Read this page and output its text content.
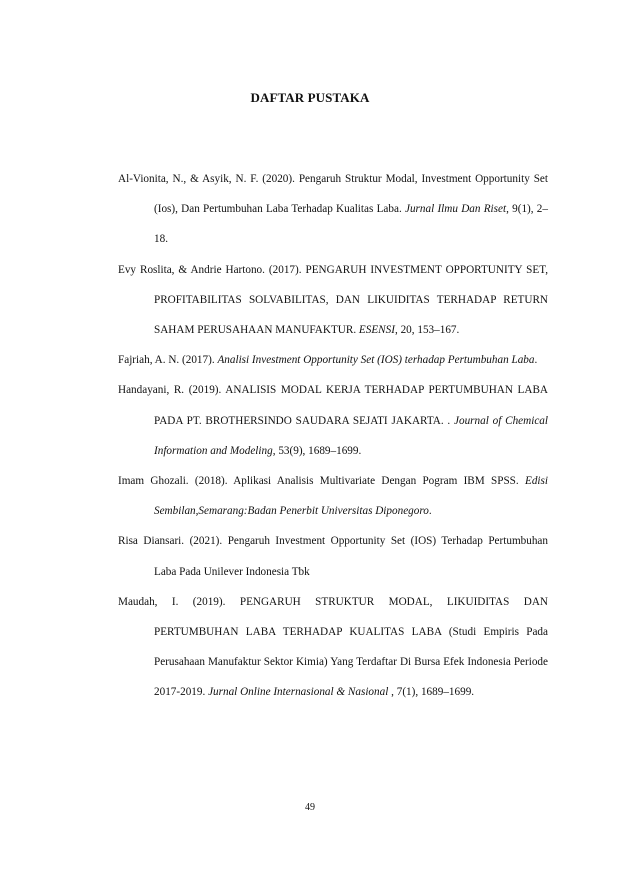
DAFTAR PUSTAKA

Al-Vionita, N., & Asyik, N. F. (2020). Pengaruh Struktur Modal, Investment Opportunity Set (Ios), Dan Pertumbuhan Laba Terhadap Kualitas Laba. Jurnal Ilmu Dan Riset, 9(1), 2–18.

Evy Roslita, & Andrie Hartono. (2017). PENGARUH INVESTMENT OPPORTUNITY SET, PROFITABILITAS SOLVABILITAS, DAN LIKUIDITAS TERHADAP RETURN SAHAM PERUSAHAAN MANUFAKTUR. ESENSI, 20, 153–167.

Fajriah, A. N. (2017). Analisi Investment Opportunity Set (IOS) terhadap Pertumbuhan Laba.

Handayani, R. (2019). ANALISIS MODAL KERJA TERHADAP PERTUMBUHAN LABA PADA PT. BROTHERSINDO SAUDARA SEJATI JAKARTA. . Journal of Chemical Information and Modeling, 53(9), 1689–1699.

Imam Ghozali. (2018). Aplikasi Analisis Multivariate Dengan Pogram IBM SPSS. Edisi Sembilan,Semarang:Badan Penerbit Universitas Diponegoro.

Risa Diansari. (2021). Pengaruh Investment Opportunity Set (IOS) Terhadap Pertumbuhan Laba Pada Unilever Indonesia Tbk

Maudah, I. (2019). PENGARUH STRUKTUR MODAL, LIKUIDITAS DAN PERTUMBUHAN LABA TERHADAP KUALITAS LABA (Studi Empiris Pada Perusahaan Manufaktur Sektor Kimia) Yang Terdaftar Di Bursa Efek Indonesia Periode 2017-2019. Jurnal Online Internasional & Nasional , 7(1), 1689–1699.

49
